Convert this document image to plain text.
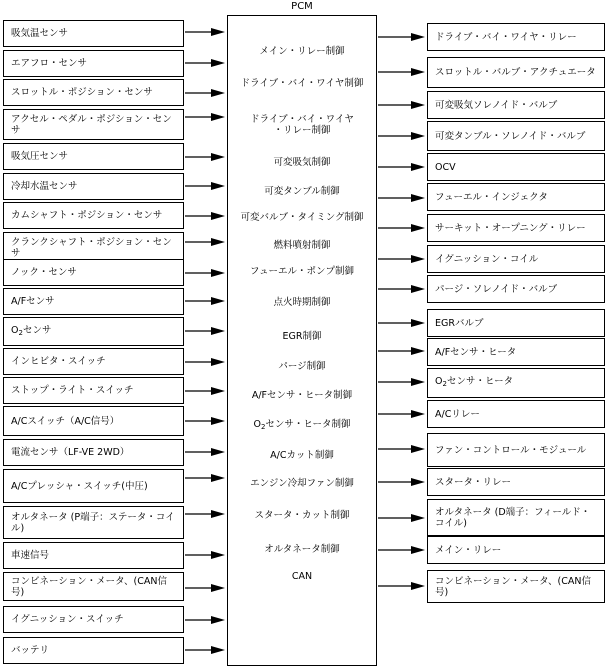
PCM
吸気温センサ
エアフロ・センサ
スロットル・ポジション・センサ
アクセル・ペダル・ポジション・センサ
吸気圧センサ
冷却水温センサ
カムシャフト・ポジション・センサ
クランクシャフト・ポジション・センサ
ノック・センサ
A/Fセンサ
$O_2$センサ
インヒビタ・スイッチ
ストップ・ライト・スイッチ
A/Cスイッチ（A/C信号）
電流センサ（LF-VE 2WD）
A/Cプレッシャ・スイッチ(中圧)
オルタネータ (P端子：ステータ・コイル)
車速信号
コンビネーション・メータ、(CAN信号)
イグニッション・スイッチ
バッテリ
ドライブ・バイ・ワイヤ・リレー
スロットル・バルブ・アクチュエータ
可変吸気ソレノイド・バルブ
可変タンブル・ソレノイド・バルブ
OCV
フューエル・インジェクタ
サーキット・オープニング・リレー
イグニッション・コイル
パージ・ソレノイド・バルブ
EGRバルブ
A/Fセンサ・ヒータ
$O_2$センサ・ヒータ
A/Cリレー
ファン・コントロール・モジュール
スタータ・リレー
オルタネータ (D端子：フィールド・コイル)
メイン・リレー
コンビネーション・メータ、(CAN信号)
メイン・リレー制御
ドライブ・バイ・ワイヤ制御
ドライブ・バイ・ワイヤ
・リレー制御
可変吸気制御
可変タンブル制御
可変バルブ・タイミング制御
燃料噴射制御
フューエル・ポンプ制御
点火時期制御
EGR制御
パージ制御
A/Fセンサ・ヒータ制御
$O_2$センサ・ヒータ制御
A/Cカット制御
エンジン冷却ファン制御
スタータ・カット制御
オルタネータ制御
CAN
